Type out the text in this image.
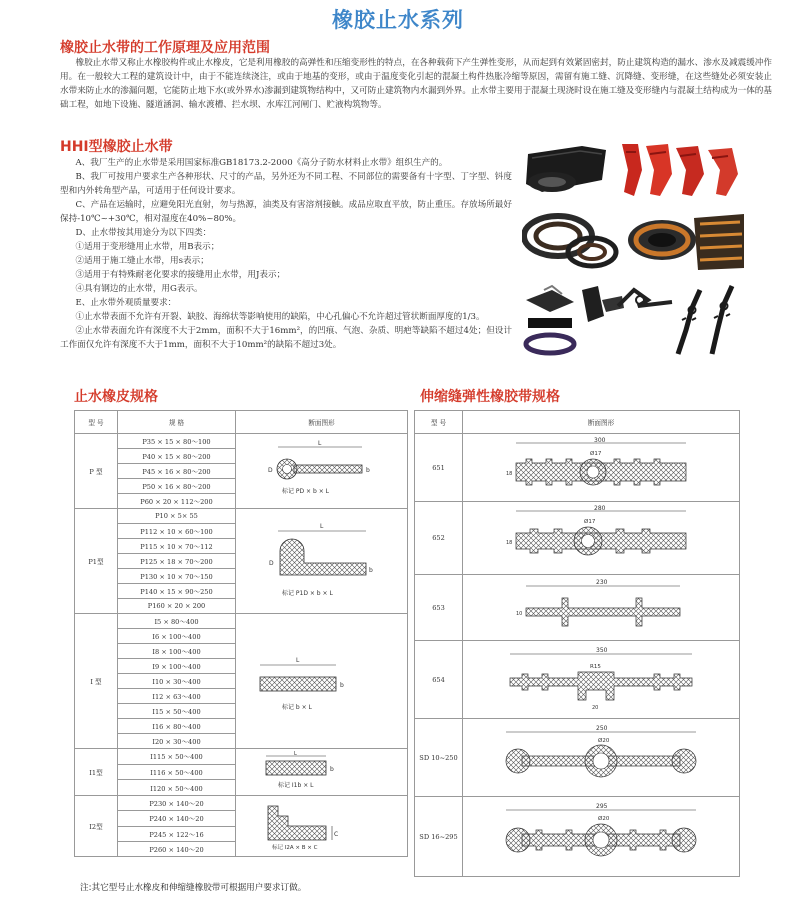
橡胶止水系列
橡胶止水带的工作原理及应用范围

橡胶止水带又称止水橡胶构件或止水橡皮，它是利用橡胶的高弹性和压缩变形性的特点，在各种载荷下产生弹性变形，从而起到有效紧固密封，防止建筑构造的漏水、渗水及减震缓冲作用。在一般较大工程的建筑设计中，由于不能连续浇注，或由于地基的变形，或由于温度变化引起的混凝土构件热胀冷缩等原因，需留有施工缝、沉降缝、变形缝，在这些缝处必须安装止水带来防止水的渗漏问题，它能防止地下水(或外界水)渗漏到建筑物结构中，又可防止建筑物内水漏到外界。止水带主要用于混凝土现浇时设在施工缝及变形缝内与混凝土结构成为一体的基础工程，如地下设施、隧道涵洞、输水渡槽、拦水坝、水库江河闸门、贮液构筑物等。

HHI型橡胶止水带

A、我厂生产的止水带是采用国家标准GB18173.2-2000《高分子防水材料止水带》组织生产的。

B、我厂可按用户要求生产各种形状、尺寸的产品，另外还为不同工程、不同部位的需要备有十字型、丁字型、钭度型和内外转角型产品，可适用于任何设计要求。

C、产品在运输时，应避免阳光直射，勿与热源，油类及有害溶剂接触。成品应取直平放，防止重压。存放场所最好保持-10℃~+30℃，相对湿度在40%~80%。

D、止水带按其用途分为以下四类：

①适用于变形缝用止水带，用B表示；

②适用于施工缝止水带，用s表示；

③适用于有特殊耐老化要求的接缝用止水带，用J表示；

④具有钢边的止水带，用G表示。

E、止水带外观质量要求：

①止水带表面不允许有开裂、缺胶、海绵状等影响使用的缺陷，中心孔偏心不允许超过管状断面厚度的1/3。

②止水带表面允许有深度不大于2mm，面积不大于16mm²，的凹痕、气泡、杂质、明疤等缺陷不超过4处；但设计工作面仅允许有深度不大于1mm，面积不大于10mm²的缺陷不超过3处。

止水橡皮规格
型 号	规 格	断面图形
P 型	P35 × 15 × 80～100	L
D b
标记 PD × b × L

	P40 × 15 × 80～200	
	P45 × 16 × 80～200	
	P50 × 16 × 80～200	
	P60 × 20 × 112～200	
P1型	P10 × 5× 55	L
D
b
标记 P1D × b × L

	P112 × 10 × 60～100	
	P115 × 10 × 70～112	
	P125 × 18 × 70～200	
	P130 × 10 × 70～150	
	P140 × 15 × 90～250	
	P160 × 20 × 200	
I 型	I5 × 80～400	L
b
标记 b × L

	I6 × 100～400	
	I8 × 100～400	
	I9 × 100～400	
	I10 × 30～400	
	I12 × 63～400	
	I15 × 50～400	
	I16 × 80～400	
	I20 × 30～400	
I1型	I115 × 50～400	L
b
标记 I1b × L

	I116 × 50～400	
	I120 × 50～400	
I2型	P230 × 140～20	C
标记 I2A × B × C

	P240 × 140～20	
	P245 × 122～16	
	P260 × 140～20	
伸缩缝弹性橡胶带规格
型 号	断面图形
651	300
Ø17
18

652	280
Ø17
18

653	230
10

654	350
R15
20

SD 10~250	250
Ø20

SD 16~295	295
Ø20
注:其它型号止水橡皮和伸缩缝橡胶带可根据用户要求订做。
